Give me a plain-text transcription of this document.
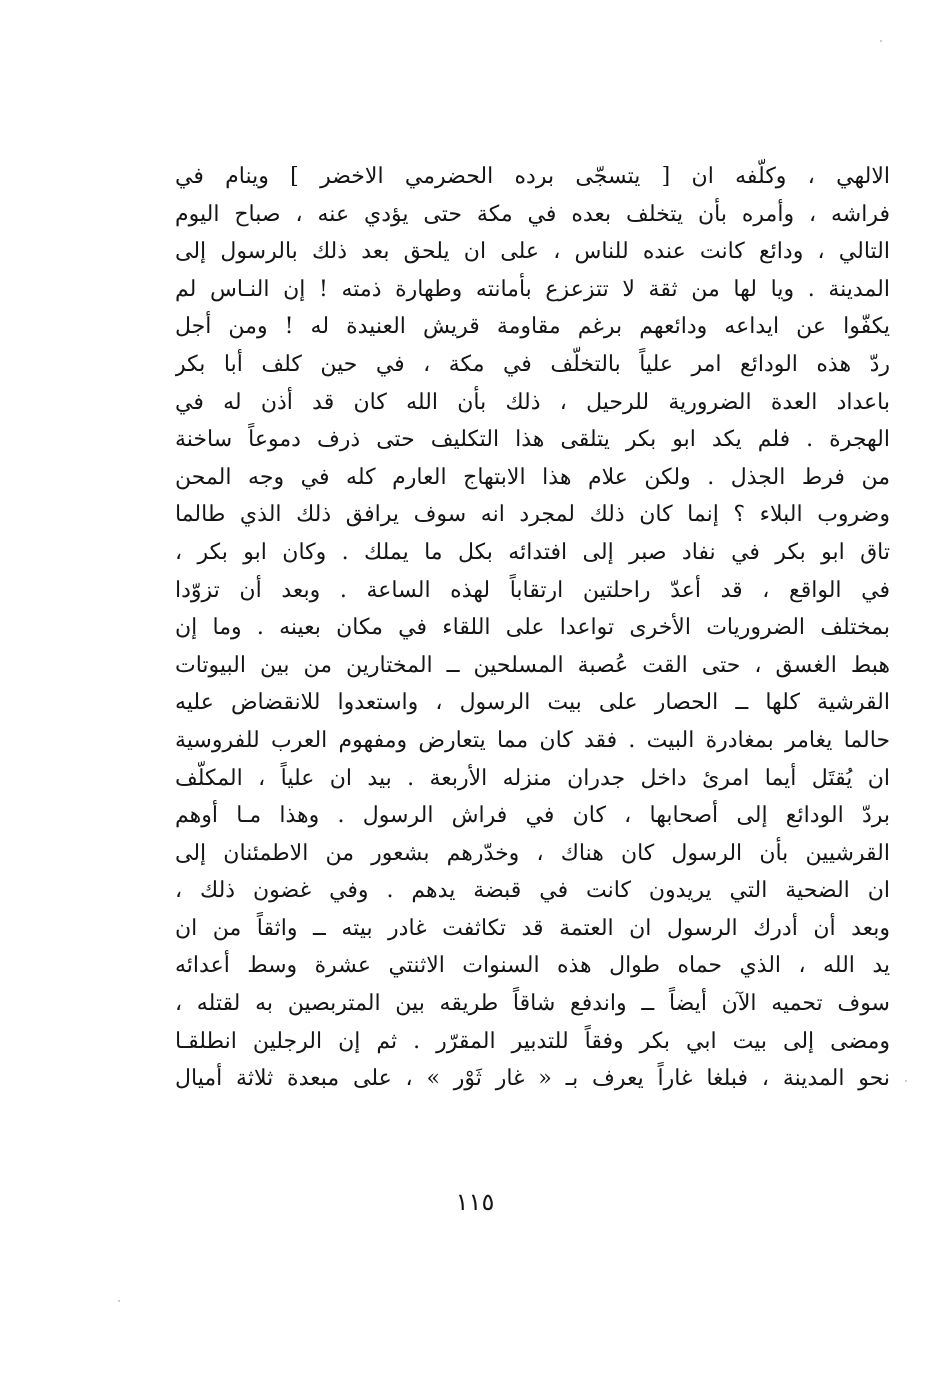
الالهي ، وكلّفه ان [ يتسجّى برده الحضرمي الاخضر ] وينام في
فراشه ، وأمره بأن يتخلف بعده في مكة حتى يؤدي عنه ، صباح اليوم
التالي ، ودائع كانت عنده للناس ، على ان يلحق بعد ذلك بالرسول إلى
المدينة . ويا لها من ثقة لا تتزعزع بأمانته وطهارة ذمته ! إن النـاس لم
يكفّوا عن ايداعه ودائعهم برغم مقاومة قريش العنيدة له ! ومن أجل
ردّ هذه الودائع امر علياً بالتخلّف في مكة ، في حين كلف أبا بكر
باعداد العدة الضرورية للرحيل ، ذلك بأن الله كان قد أذن له في
الهجرة . فلم يكد ابو بكر يتلقى هذا التكليف حتى ذرف دموعاً ساخنة
من فرط الجذل . ولكن علام هذا الابتهاج العارم كله في وجه المحن
وضروب البلاء ؟ إنما كان ذلك لمجرد انه سوف يرافق ذلك الذي طالما
تاق ابو بكر في نفاد صبر إلى افتدائه بكل ما يملك . وكان ابو بكر ،
في الواقع ، قد أعدّ راحلتين ارتقاباً لهذه الساعة . وبعد أن تزوّدا
بمختلف الضروريات الأخرى تواعدا على اللقاء في مكان بعينه . وما إن
هبط الغسق ، حتى القت عُصبة المسلحين ــ المختارين من بين البيوتات
القرشية كلها ــ الحصار على بيت الرسول ، واستعدوا للانقضاض عليه
حالما يغامر بمغادرة البيت . فقد كان مما يتعارض ومفهوم العرب للفروسية
ان يُقتَل أيما امرئ داخل جدران منزله الأربعة . بيد ان علياً ، المكلّف
بردّ الودائع إلى أصحابها ، كان في فراش الرسول . وهذا مـا أوهم
القرشيين بأن الرسول كان هناك ، وخدّرهم بشعور من الاطمئنان إلى
ان الضحية التي يريدون كانت في قبضة يدهم . وفي غضون ذلك ،
وبعد أن أدرك الرسول ان العتمة قد تكاثفت غادر بيته ــ واثقاً من ان
يد الله ، الذي حماه طوال هذه السنوات الاثنتي عشرة وسط أعدائه
سوف تحميه الآن أيضاً ــ واندفع شاقاً طريقه بين المتربصين به لقتله ،
ومضى إلى بيت ابي بكر وفقاً للتدبير المقرّر . ثم إن الرجلين انطلقـا
نحو المدينة ، فبلغا غاراً يعرف بـ « غار ثَوْر » ، على مبعدة ثلاثة أميال
١١٥
